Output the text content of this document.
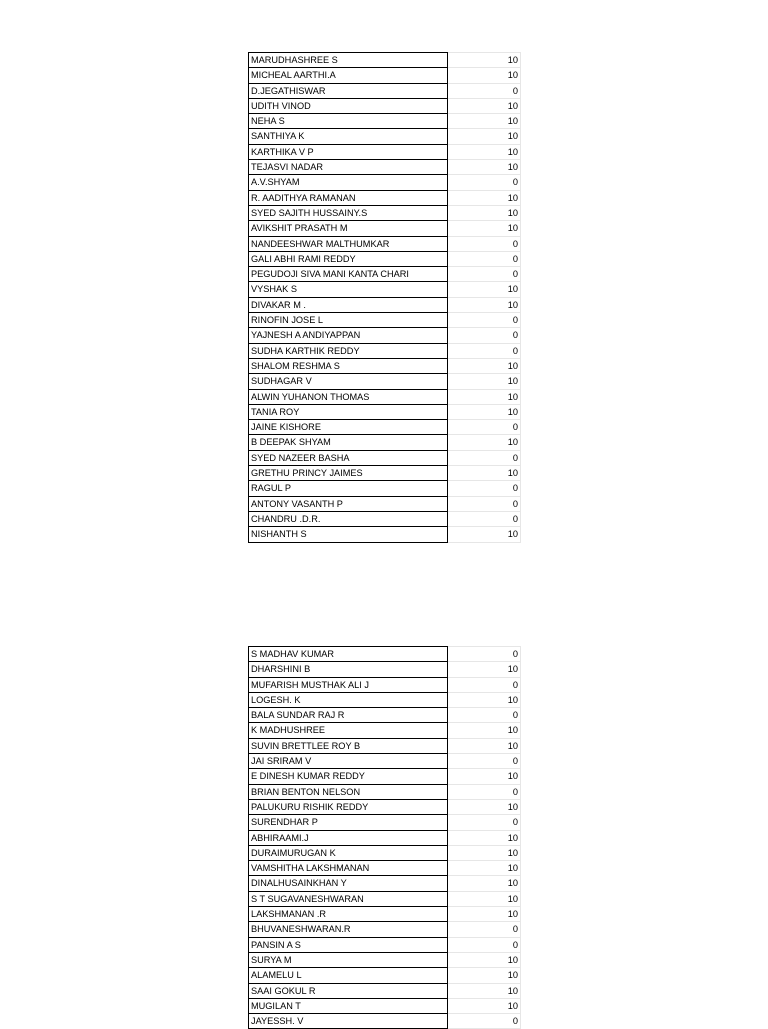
MARUDHASHREE S	10
MICHEAL AARTHI.A	10
D.JEGATHISWAR	0
UDITH VINOD	10
NEHA S	10
SANTHIYA K	10
KARTHIKA V P	10
TEJASVI NADAR	10
A.V.SHYAM	0
R. AADITHYA RAMANAN	10
SYED SAJITH HUSSAINY.S	10
AVIKSHIT PRASATH M	10
NANDEESHWAR MALTHUMKAR	0
GALI ABHI RAMI REDDY	0
PEGUDOJI SIVA MANI KANTA CHARI	0
VYSHAK S	10
DIVAKAR M .	10
RINOFIN JOSE L	0
YAJNESH A ANDIYAPPAN	0
SUDHA KARTHIK REDDY	0
SHALOM RESHMA S	10
SUDHAGAR V	10
ALWIN YUHANON THOMAS	10
TANIA ROY	10
JAINE KISHORE	0
B DEEPAK SHYAM	10
SYED NAZEER BASHA	0
GRETHU PRINCY JAIMES	10
RAGUL P	0
ANTONY VASANTH P	0
CHANDRU .D.R.	0
NISHANTH S	10
S MADHAV KUMAR	0
DHARSHINI B	10
MUFARISH MUSTHAK ALI J	0
LOGESH. K	10
BALA SUNDAR RAJ R	0
K MADHUSHREE	10
SUVIN BRETTLEE ROY B	10
JAI SRIRAM V	0
E DINESH KUMAR REDDY	10
BRIAN BENTON NELSON	0
PALUKURU RISHIK REDDY	10
SURENDHAR P	0
ABHIRAAMI.J	10
DURAIMURUGAN K	10
VAMSHITHA LAKSHMANAN	10
DINALHUSAINKHAN Y	10
S T SUGAVANESHWARAN	10
LAKSHMANAN .R	10
BHUVANESHWARAN.R	0
PANSIN A S	0
SURYA M	10
ALAMELU L	10
SAAI GOKUL R	10
MUGILAN T	10
JAYESSH. V	0
